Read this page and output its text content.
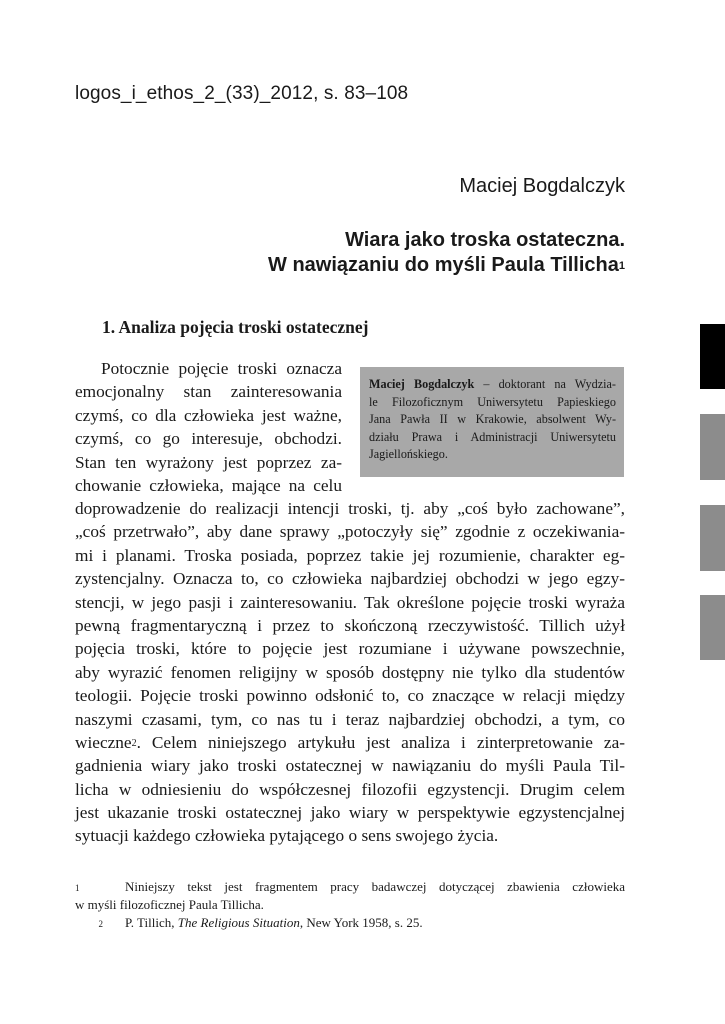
logos_i_ethos_2_(33)_2012, s. 83–108
Maciej Bogdalczyk
Wiara jako troska ostateczna.
W nawiązaniu do myśli Paula Tillicha$^1$
1. Analiza pojęcia troski ostatecznej
Potocznie pojęcie troski oznacza
emocjonalny stan zainteresowania
czymś, co dla człowieka jest ważne,
czymś, co go interesuje, obchodzi.
Stan ten wyrażony jest poprzez za-
chowanie człowieka, mające na celu
Maciej Bogdalczyk – doktorant na Wydzia-
le Filozoficznym Uniwersytetu Papieskiego
Jana Pawła II w Krakowie, absolwent Wy-
działu Prawa i Administracji Uniwersytetu
Jagiellońskiego.
doprowadzenie do realizacji intencji troski, tj. aby „coś było zachowane”,
„coś przetrwało”, aby dane sprawy „potoczyły się” zgodnie z oczekiwania-
mi i planami. Troska posiada, poprzez takie jej rozumienie, charakter eg-
zystencjalny. Oznacza to, co człowieka najbardziej obchodzi w jego egzy-
stencji, w jego pasji i zainteresowaniu. Tak określone pojęcie troski wyraża
pewną fragmentaryczną i przez to skończoną rzeczywistość. Tillich użył
pojęcia troski, które to pojęcie jest rozumiane i używane powszechnie,
aby wyrazić fenomen religijny w sposób dostępny nie tylko dla studentów
teologii. Pojęcie troski powinno odsłonić to, co znaczące w relacji między
naszymi czasami, tym, co nas tu i teraz najbardziej obchodzi, a tym, co
wieczne$^2$. Celem niniejszego artykułu jest analiza i zinterpretowanie za-
gadnienia wiary jako troski ostatecznej w nawiązaniu do myśli Paula Til-
licha w odniesieniu do współczesnej filozofii egzystencji. Drugim celem
jest ukazanie troski ostatecznej jako wiary w perspektywie egzystencjalnej
sytuacji każdego człowieka pytającego o sens swojego życia.
1	Niniejszy tekst jest fragmentem pracy badawczej dotyczącej zbawienia człowieka
w myśli filozoficznej Paula Tillicha.
2 P. Tillich, The Religious Situation, New York 1958, s. 25.
